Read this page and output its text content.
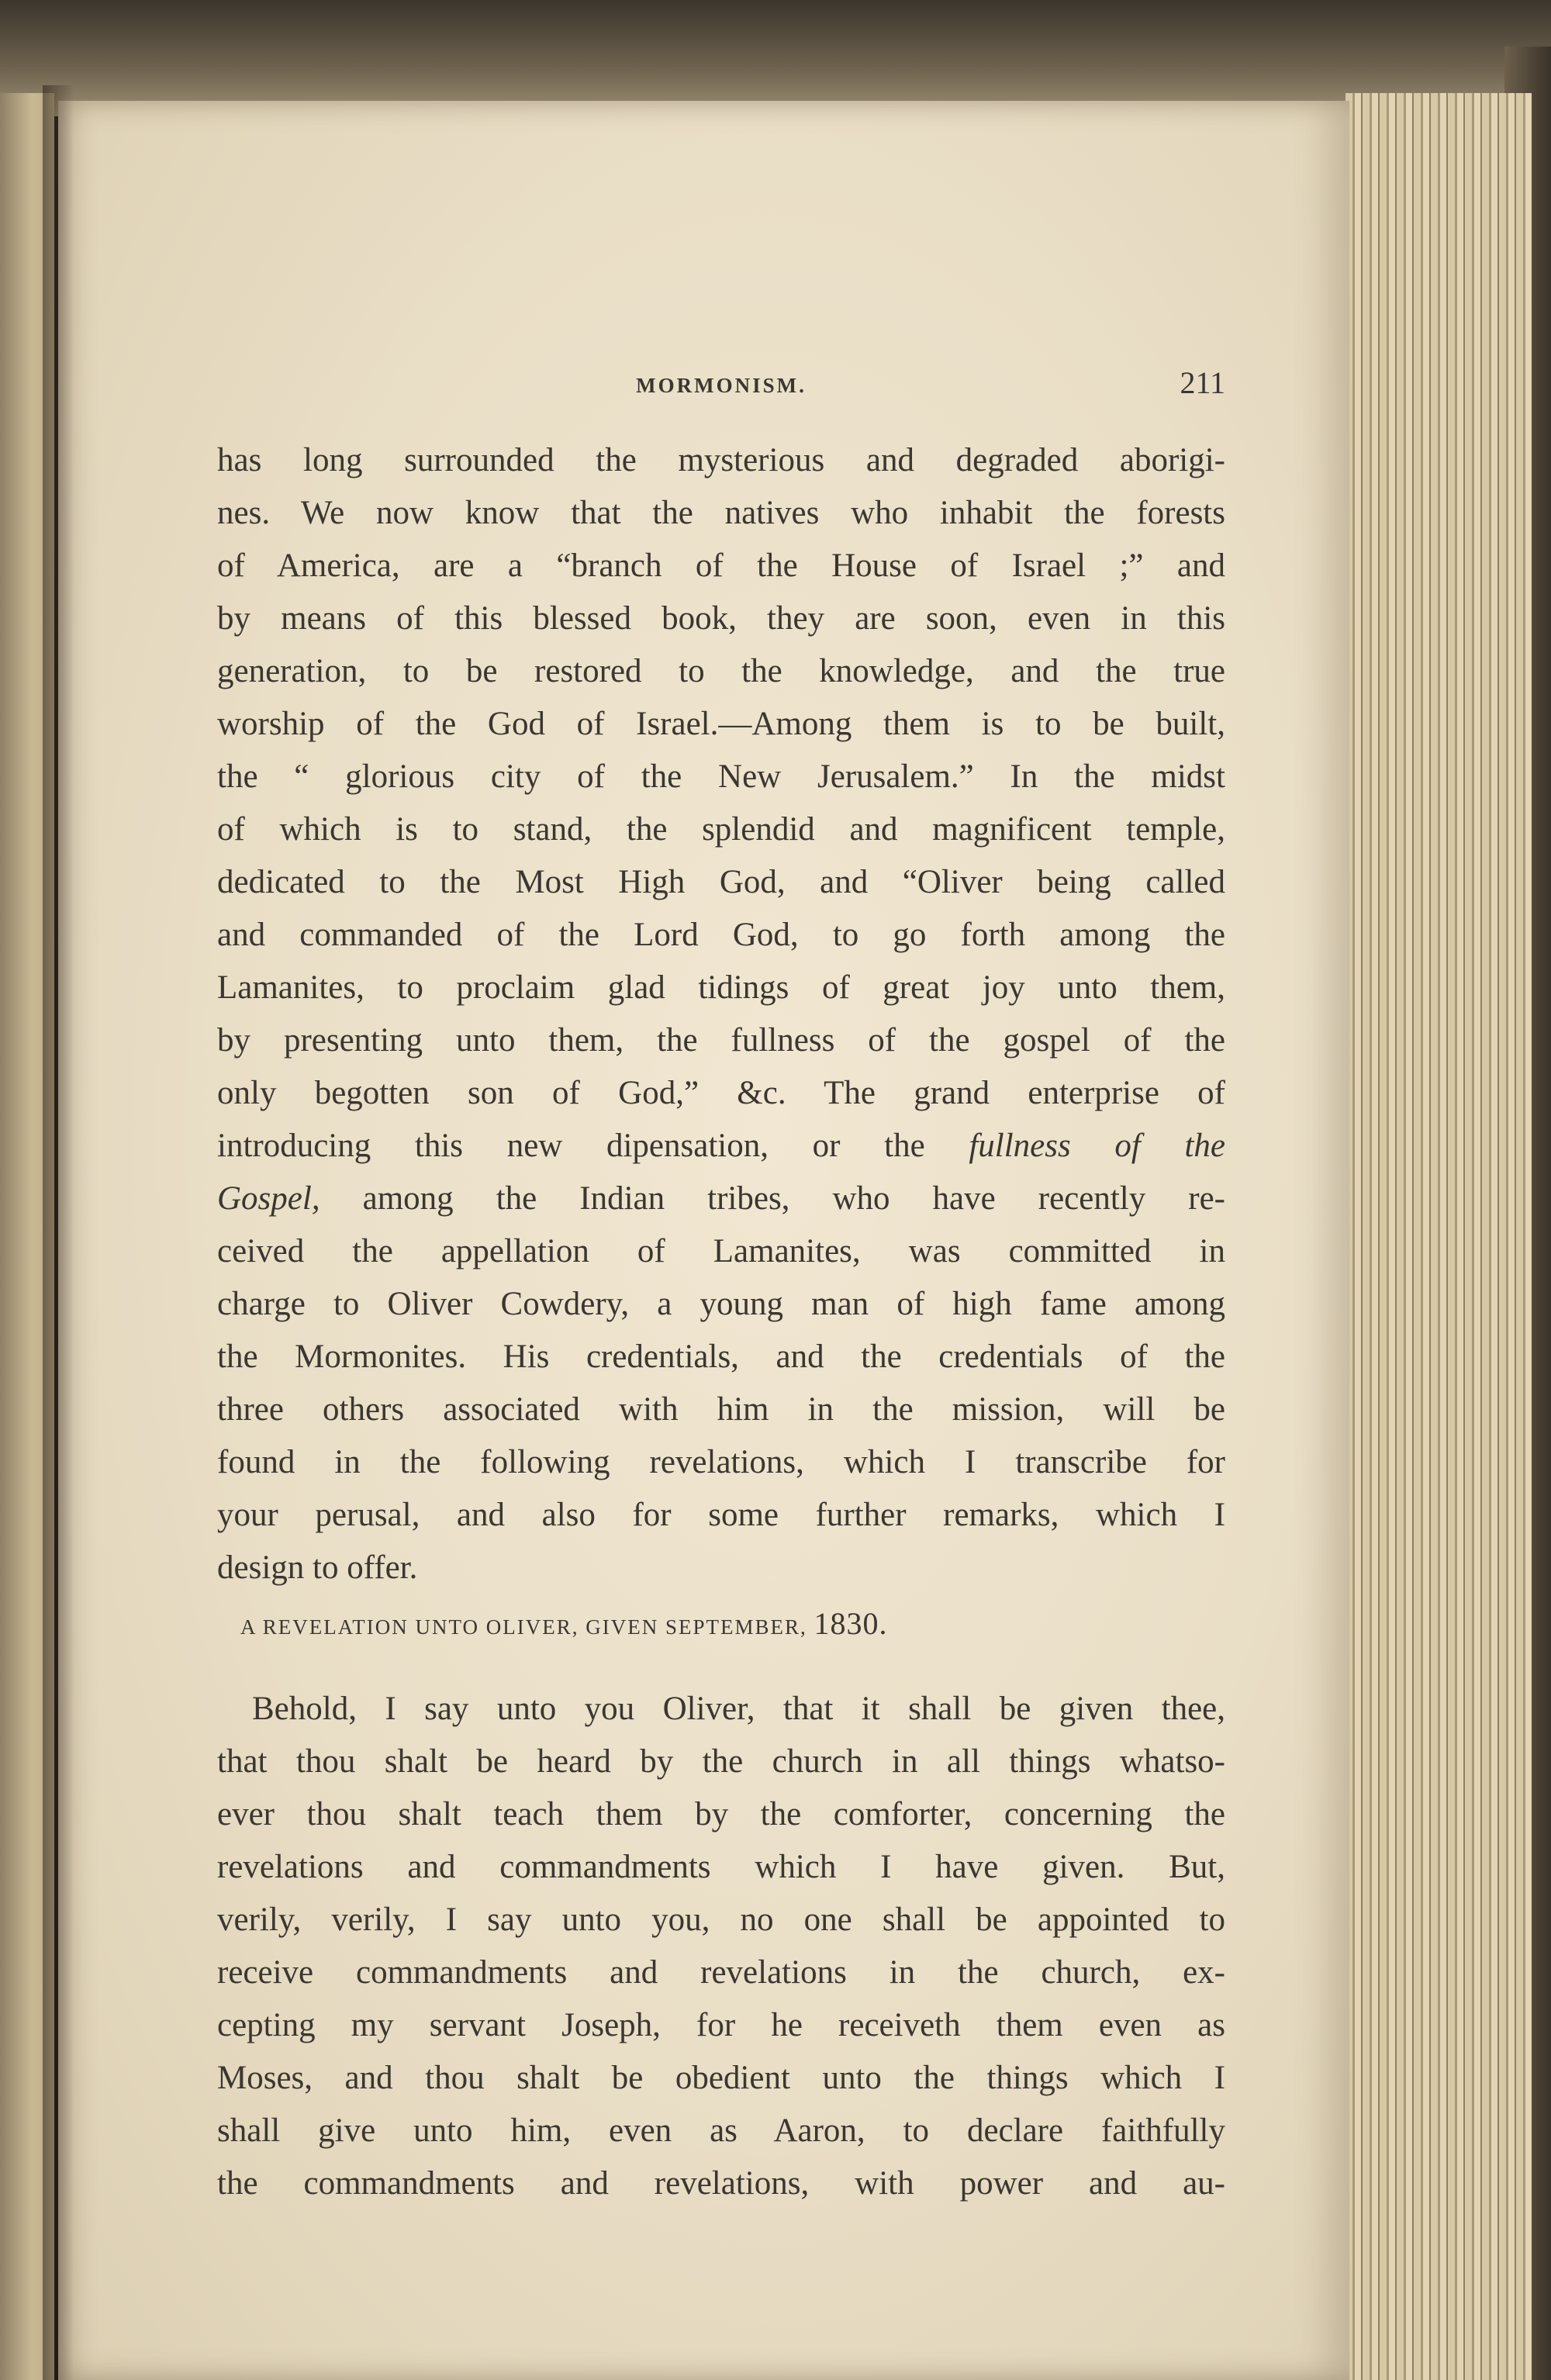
MORMONISM.	211
has long surrounded the mysterious and degraded aborigi-
nes. We now know that the natives who inhabit the forests
of America, are a “branch of the House of Israel ;” and
by means of this blessed book, they are soon, even in this
generation, to be restored to the knowledge, and the true
worship of the God of Israel.—Among them is to be built,
the “ glorious city of the New Jerusalem.” In the midst
of which is to stand, the splendid and magnificent temple,
dedicated to the Most High God, and “Oliver being called
and commanded of the Lord God, to go forth among the
Lamanites, to proclaim glad tidings of great joy unto them,
by presenting unto them, the fullness of the gospel of the
only begotten son of God,” &c. The grand enterprise of
introducing this new dipensation, or the fullness of the
Gospel, among the Indian tribes, who have recently re-
ceived the appellation of Lamanites, was committed in
charge to Oliver Cowdery, a young man of high fame among
the Mormonites. His credentials, and the credentials of the
three others associated with him in the mission, will be
found in the following revelations, which I transcribe for
your perusal, and also for some further remarks, which I
design to offer.
A REVELATION UNTO OLIVER, GIVEN SEPTEMBER, 1830.
Behold, I say unto you Oliver, that it shall be given thee,
that thou shalt be heard by the church in all things whatso-
ever thou shalt teach them by the comforter, concerning the
revelations and commandments which I have given. But,
verily, verily, I say unto you, no one shall be appointed to
receive commandments and revelations in the church, ex-
cepting my servant Joseph, for he receiveth them even as
Moses, and thou shalt be obedient unto the things which I
shall give unto him, even as Aaron, to declare faithfully
the commandments and revelations, with power and au-
